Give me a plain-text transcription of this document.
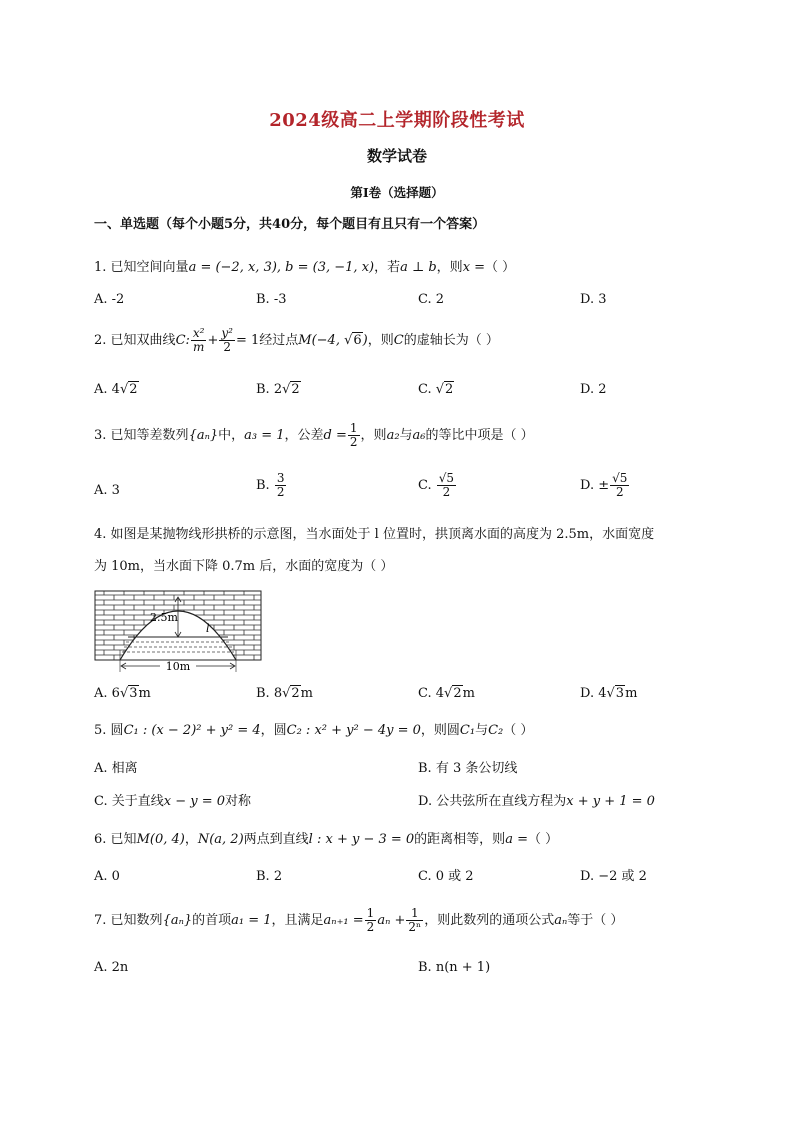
2024级高二上学期阶段性考试
数学试卷
第I卷（选择题）
一、单选题（每个小题5分，共40分，每个题目有且只有一个答案）
1. 已知空间向量a = (−2, x, 3), b = (3, −1, x)，若a ⊥ b，则x =（ ）
A. -2	B. -3	C. 2	D. 3
2. 已知双曲线C: $\frac{\text{x²}}{m} + \frac{\text{y²}}{2} = 1$经过点M(−4, √6)，则C的虚轴长为（ ）
A. 4√2	B. 2√2	C. √2	D. 2
3. 已知等差数列{aₙ}中，a₃ = 1，公差$d = \frac{1}{2}$ ，则a₂与a₆的等比中项是（ ）
A. 3	B. $\frac{3}{2}$	C. $\frac{√5}{2}$	D. ± $\frac{√5}{2}$
4. 如图是某抛物线形拱桥的示意图，当水面处于 l 位置时，拱顶离水面的高度为 2.5m，水面宽度
为 10m，当水面下降 0.7m 后，水面的宽度为（ ）
2.5m
l
10m
A. 6√3m	B. 8√2m	C. 4√2m	D. 4√3m
5. 圆C₁ : (x − 2)² + y² = 4，圆C₂ : x² + y² − 4y = 0，则圆C₁与C₂（ ）
A. 相离	B. 有 3 条公切线
C. 关于直线x − y = 0对称	D. 公共弦所在直线方程为x + y + 1 = 0
6. 已知M(0, 4)，N(a, 2)两点到直线l : x + y − 3 = 0的距离相等，则a =（ ）
A. 0	B. 2	C. 0 或 2	D. −2 或 2
7. 已知数列{aₙ}的首项a₁ = 1，且满足$a_{n+1} = \frac{1}{2}$ $a_n + \frac{1}{\text{2ⁿ}}$ ，则此数列的通项公式aₙ等于（ ）
A. 2n	B. n(n + 1)
